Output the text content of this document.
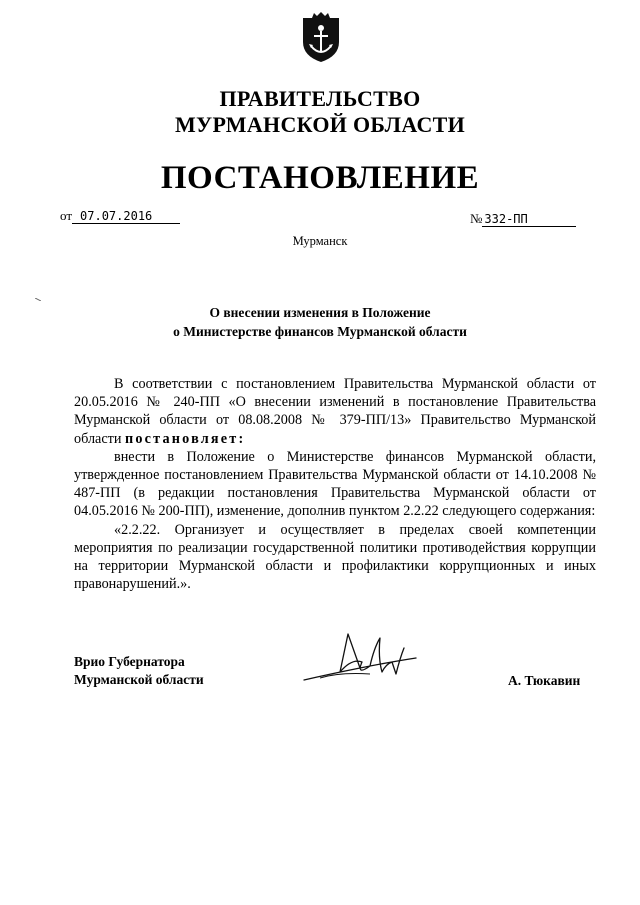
ПРАВИТЕЛЬСТВО
МУРМАНСКОЙ ОБЛАСТИ
ПОСТАНОВЛЕНИЕ
от 07.07.2016	№ 332-ПП
Мурманск
О внесении изменения в Положение
о Министерстве финансов Мурманской области

В соответствии с постановлением Правительства Мурманской области от 20.05.2016 № 240-ПП «О внесении изменений в постановление Правительства Мурманской области от 08.08.2008 № 379-ПП/13» Правительство Мурманской области постановляет:

внести в Положение о Министерстве финансов Мурманской области, утвержденное постановлением Правительства Мурманской области от 14.10.2008 № 487-ПП (в редакции постановления Правительства Мурманской области от 04.05.2016 № 200-ПП), изменение, дополнив пунктом 2.2.22 следующего содержания:

«2.2.22. Организует и осуществляет в пределах своей компетенции мероприятия по реализации государственной политики противодействия коррупции на территории Мурманской области и профилактики коррупционных и иных правонарушений.».

Врио Губернатора
Мурманской области	А. Тюкавин
